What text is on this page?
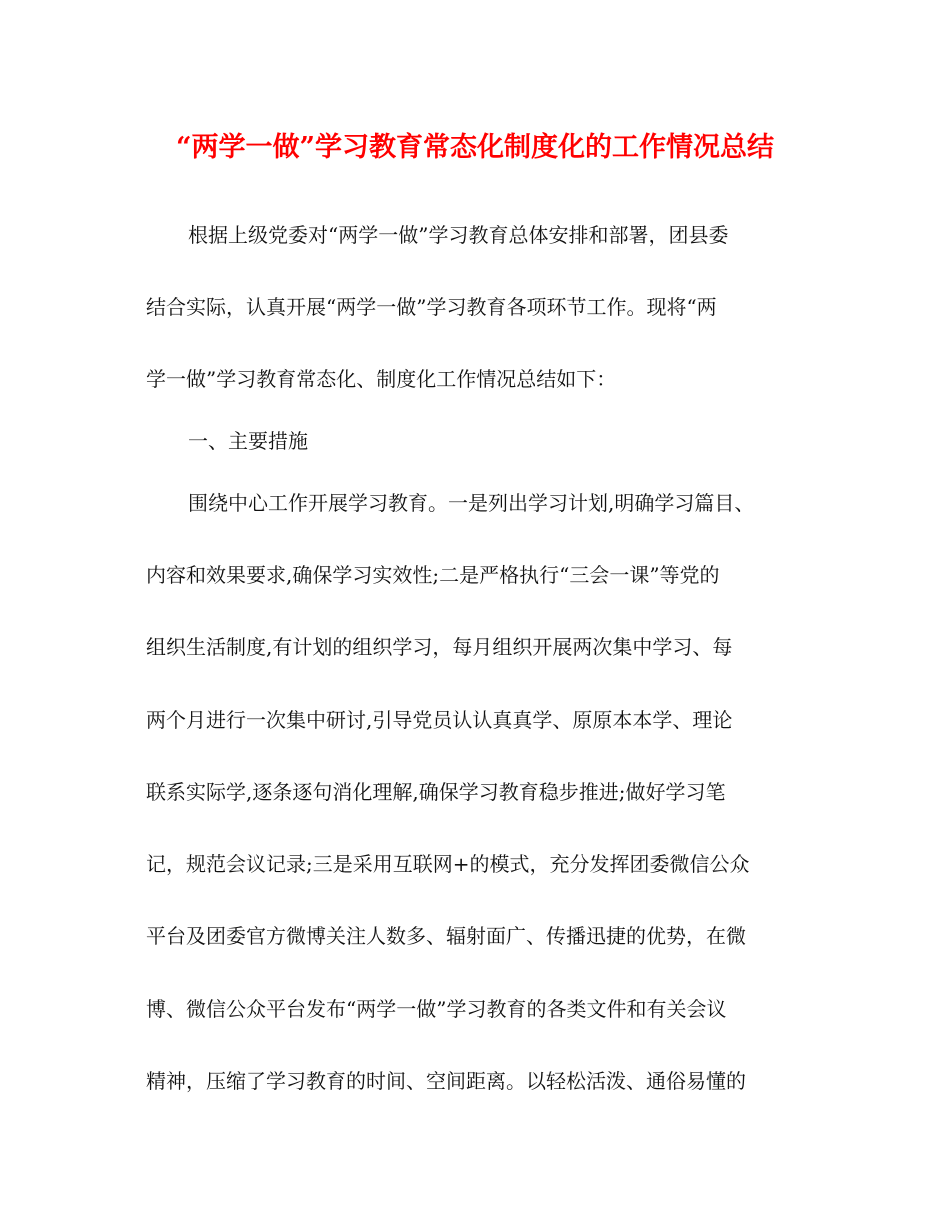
“两学一做”学习教育常态化制度化的工作情况总结
根据上级党委对“两学一做”学习教育总体安排和部署，团县委
结合实际，认真开展“两学一做”学习教育各项环节工作。现将“两
学一做”学习教育常态化、制度化工作情况总结如下：
一、主要措施
围绕中心工作开展学习教育。一是列出学习计划,明确学习篇目、
内容和效果要求,确保学习实效性;二是严格执行“三会一课”等党的
组织生活制度,有计划的组织学习，每月组织开展两次集中学习、每
两个月进行一次集中研讨,引导党员认认真真学、原原本本学、理论
联系实际学,逐条逐句消化理解,确保学习教育稳步推进;做好学习笔
记，规范会议记录;三是采用互联网+的模式，充分发挥团委微信公众
平台及团委官方微博关注人数多、辐射面广、传播迅捷的优势，在微
博、微信公众平台发布“两学一做”学习教育的各类文件和有关会议
精神，压缩了学习教育的时间、空间距离。以轻松活泼、通俗易懂的
